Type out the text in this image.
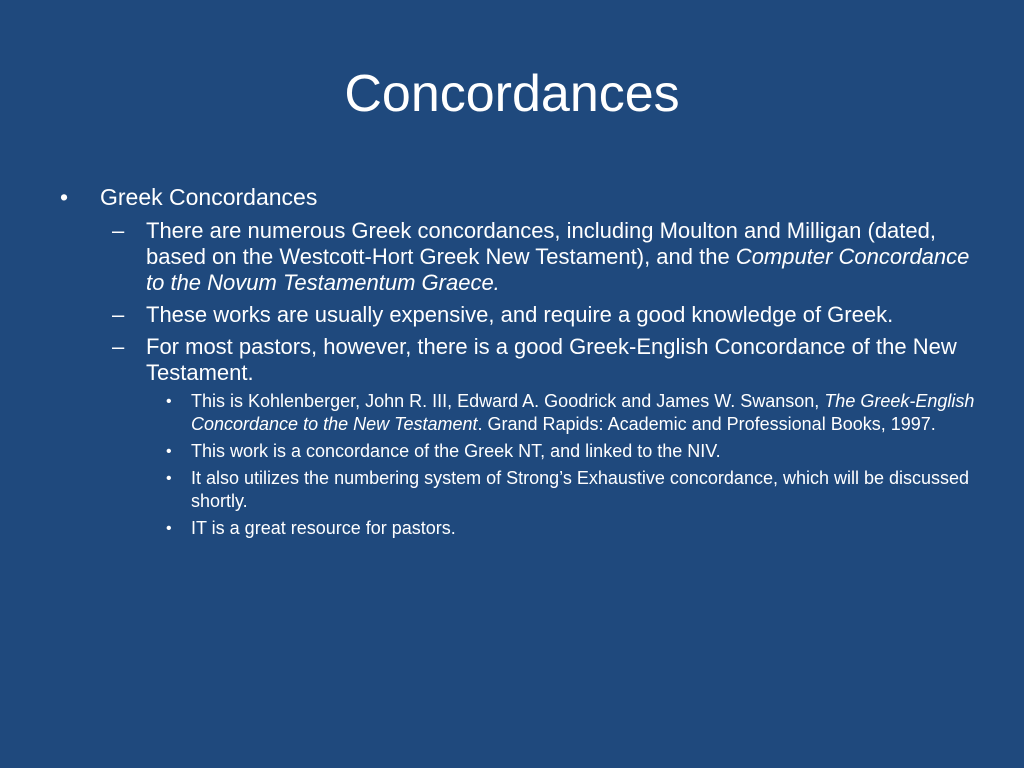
Concordances
• Greek Concordances
– There are numerous Greek concordances, including Moulton and Milligan (dated, based on the Westcott-Hort Greek New Testament), and the Computer Concordance to the Novum Testamentum Graece.
– These works are usually expensive, and require a good knowledge of Greek.
– For most pastors, however, there is a good Greek-English Concordance of the New Testament.
• This is Kohlenberger, John R. III, Edward A. Goodrick and James W. Swanson, The Greek-English Concordance to the New Testament. Grand Rapids: Academic and Professional Books, 1997.
• This work is a concordance of the Greek NT, and linked to the NIV.
• It also utilizes the numbering system of Strong’s Exhaustive concordance, which will be discussed shortly.
• IT is a great resource for pastors.
